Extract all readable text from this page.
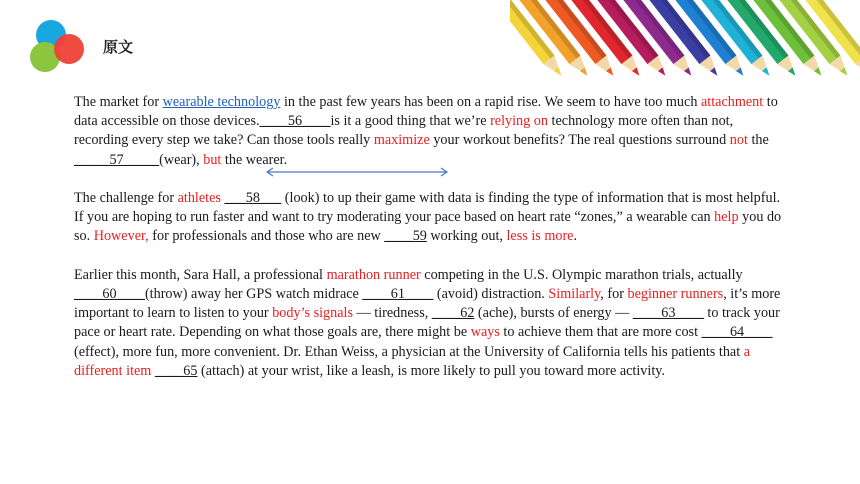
原文

The market for wearable technology in the past few years has been on a rapid rise. We seem to have too much attachment to data accessible on those devices.____56____is it a good thing that we’re relying on technology more often than not, recording every step we take? Can those tools really maximize your workout benefits? The real questions surround not the _____57_____(wear), but the wearer.

The challenge for athletes ___58___ (look) to up their game with data is finding the type of information that is most helpful. If you are hoping to run faster and want to try moderating your pace based on heart rate “zones,” a wearable can help you do so. However, for professionals and those who are new ____59 working out, less is more.

Earlier this month, Sara Hall, a professional marathon runner competing in the U.S. Olympic marathon trials, actually ____60____(throw) away her GPS watch midrace ____61____ (avoid) distraction. Similarly, for beginner runners, it’s more important to learn to listen to your body’s signals — tiredness, ____62 (ache), bursts of energy — ____63____ to track your pace or heart rate. Depending on what those goals are, there might be ways to achieve them that are more cost ____64____ (effect), more fun, more convenient. Dr. Ethan Weiss, a physician at the University of California tells his patients that a different item ____65 (attach) at your wrist, like a leash, is more likely to pull you toward more activity.
